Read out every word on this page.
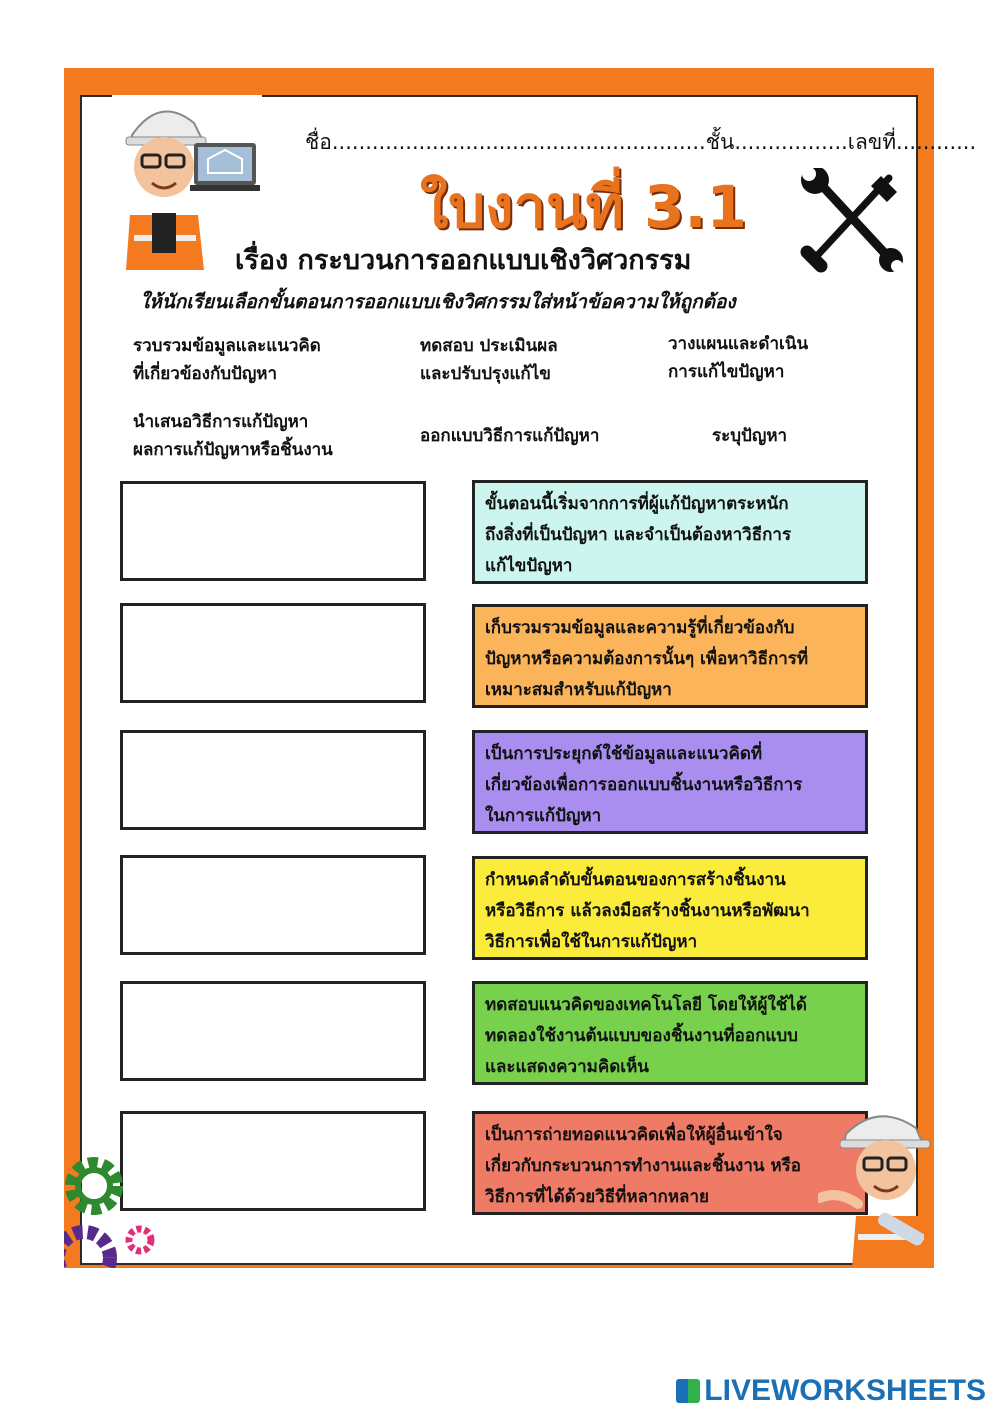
ชื่อ........................................................ชั้น.................เลขที่............
ใบงานที่ 3.1
เรื่อง กระบวนการออกแบบเชิงวิศวกรรม
ให้นักเรียนเลือกขั้นตอนการออกแบบเชิงวิศกรรมใส่หน้าข้อความให้ถูกต้อง
รวบรวมข้อมูลและแนวคิด
ที่เกี่ยวข้องกับปัญหา
ทดสอบ ประเมินผล
และปรับปรุงแก้ไข
วางแผนและดำเนิน
การแก้ไขปัญหา
นำเสนอวิธีการแก้ปัญหา
ผลการแก้ปัญหาหรือชิ้นงาน
ออกแบบวิธีการแก้ปัญหา	ระบุปัญหา
ขั้นตอนนี้เริ่มจากการที่ผู้แก้ปัญหาตระหนัก
ถึงสิ่งที่เป็นปัญหา และจำเป็นต้องหาวิธีการ
แก้ไขปัญหา
เก็บรวมรวมข้อมูลและความรู้ที่เกี่ยวข้องกับ
ปัญหาหรือความต้องการนั้นๆ เพื่อหาวิธีการที่
เหมาะสมสำหรับแก้ปัญหา
เป็นการประยุกต์ใช้ข้อมูลและแนวคิดที่
เกี่ยวข้องเพื่อการออกแบบชิ้นงานหรือวิธีการ
ในการแก้ปัญหา
กำหนดลำดับขั้นตอนของการสร้างชิ้นงาน
หรือวิธีการ แล้วลงมือสร้างชิ้นงานหรือพัฒนา
วิธีการเพื่อใช้ในการแก้ปัญหา
ทดสอบแนวคิดของเทคโนโลยี โดยให้ผู้ใช้ได้
ทดลองใช้งานต้นแบบของชิ้นงานที่ออกแบบ
และแสดงความคิดเห็น
เป็นการถ่ายทอดแนวคิดเพื่อให้ผู้อื่นเข้าใจ
เกี่ยวกับกระบวนการทำงานและชิ้นงาน หรือ
วิธีการที่ได้ด้วยวิธีที่หลากหลาย
LIVEWORKSHEETS
